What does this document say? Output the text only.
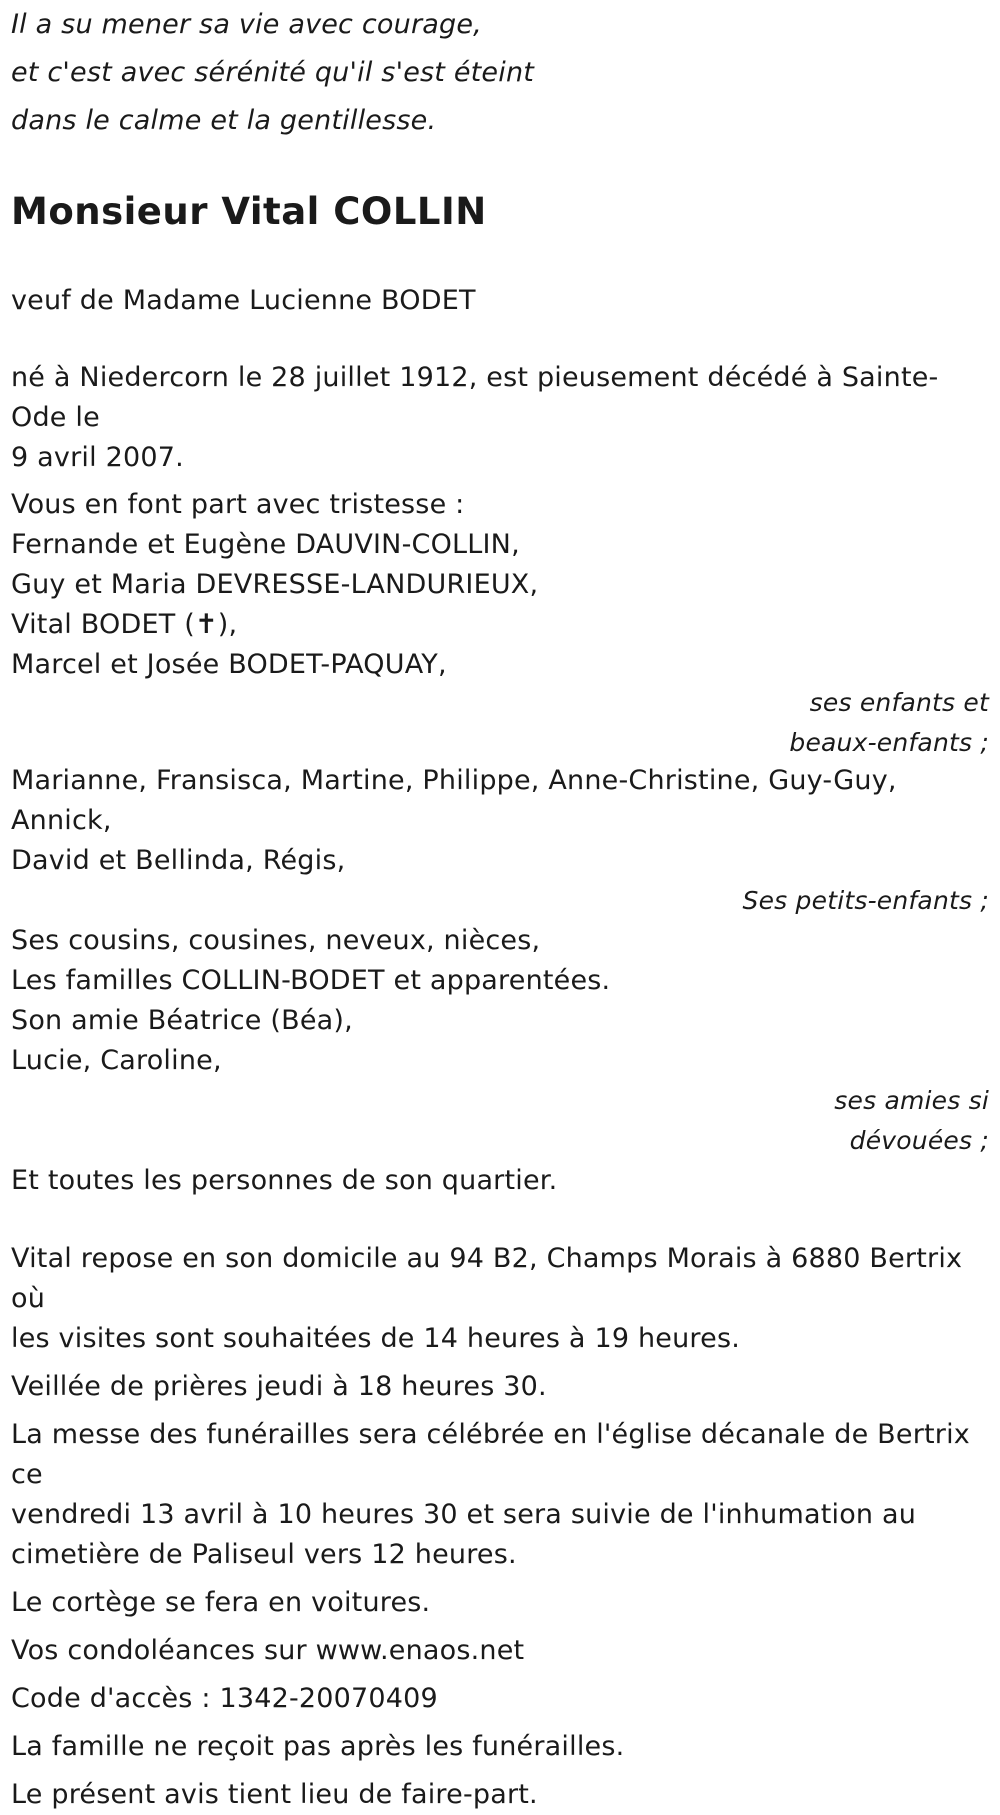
Il a su mener sa vie avec courage,
et c'est avec sérénité qu'il s'est éteint
dans le calme et la gentillesse.
Monsieur Vital COLLIN
veuf de Madame Lucienne BODET
né à Niedercorn le 28 juillet 1912, est pieusement décédé à Sainte-Ode le
9 avril 2007.
Vous en font part avec tristesse :
Fernande et Eugène DAUVIN-COLLIN,
Guy et Maria DEVRESSE-LANDURIEUX,
Vital BODET (✝),
Marcel et Josée BODET-PAQUAY,
ses enfants et
beaux-enfants ;
Marianne, Fransisca, Martine, Philippe, Anne-Christine, Guy-Guy, Annick,
David et Bellinda, Régis,
Ses petits-enfants ;
Ses cousins, cousines, neveux, nièces,
Les familles COLLIN-BODET et apparentées.
Son amie Béatrice (Béa),
Lucie, Caroline,
ses amies si
dévouées ;
Et toutes les personnes de son quartier.
Vital repose en son domicile au 94 B2, Champs Morais à 6880 Bertrix où
les visites sont souhaitées de 14 heures à 19 heures.
Veillée de prières jeudi à 18 heures 30.
La messe des funérailles sera célébrée en l'église décanale de Bertrix ce
vendredi 13 avril à 10 heures 30 et sera suivie de l'inhumation au
cimetière de Paliseul vers 12 heures.
Le cortège se fera en voitures.
Vos condoléances sur www.enaos.net
Code d'accès : 1342-20070409
La famille ne reçoit pas après les funérailles.
Le présent avis tient lieu de faire-part.
